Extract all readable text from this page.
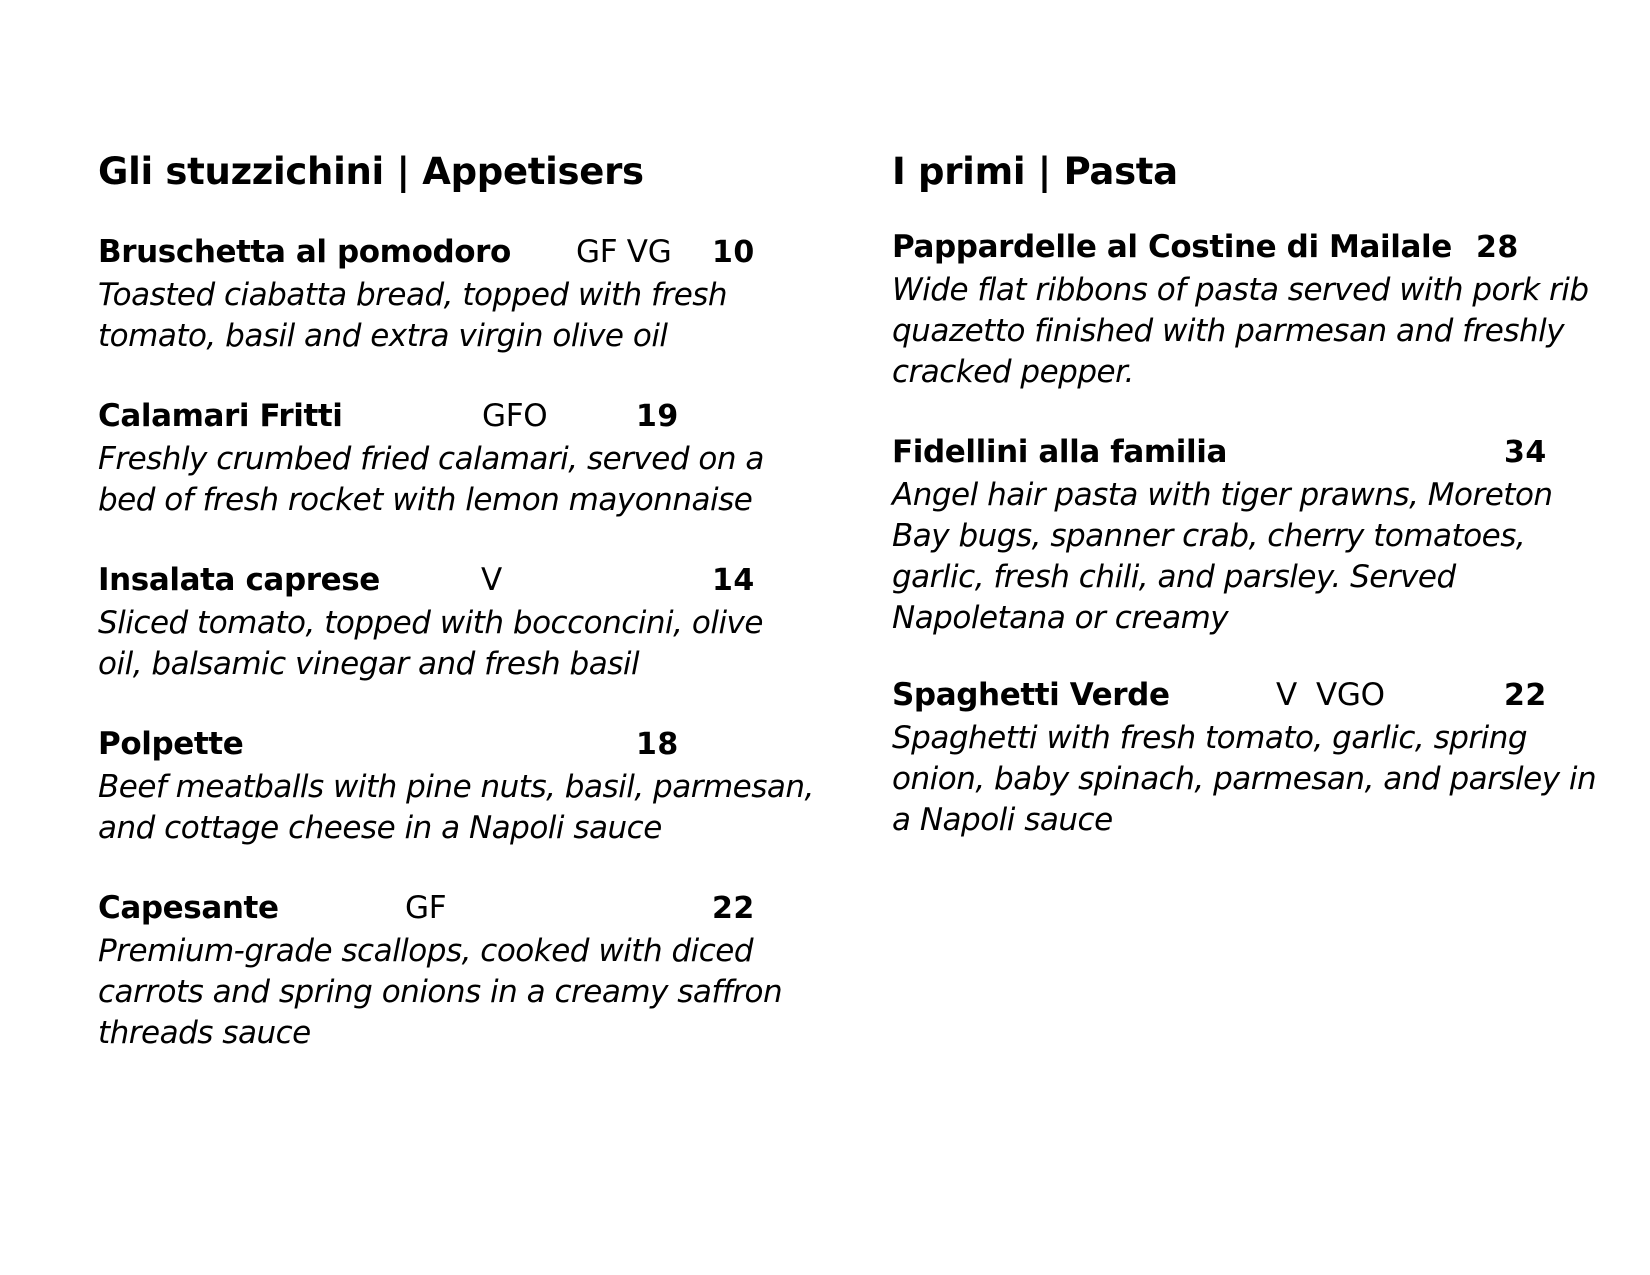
Gli stuzzichini | Appetisers
Bruschetta al pomodoro GF VG 10

Toasted ciabatta bread, topped with fresh
tomato, basil and extra virgin olive oil

Calamari Fritti	GFO	19

Freshly crumbed fried calamari, served on a
bed of fresh rocket with lemon mayonnaise

Insalata caprese	V	14

Sliced tomato, topped with bocconcini, olive
oil, balsamic vinegar and fresh basil

Polpette	18

Beef meatballs with pine nuts, basil, parmesan,
and cottage cheese in a Napoli sauce

Capesante	GF	22

Premium-grade scallops, cooked with diced
carrots and spring onions in a creamy saffron
threads sauce

I primi | Pasta
Pappardelle al Costine di Mailale 28

Wide flat ribbons of pasta served with pork rib
quazetto finished with parmesan and freshly
cracked pepper.

Fidellini alla familia	34

Angel hair pasta with tiger prawns, Moreton
Bay bugs, spanner crab, cherry tomatoes,
garlic, fresh chili, and parsley. Served
Napoletana or creamy

Spaghetti Verde	V  VGO	22

Spaghetti with fresh tomato, garlic, spring
onion, baby spinach, parmesan, and parsley in
a Napoli sauce
